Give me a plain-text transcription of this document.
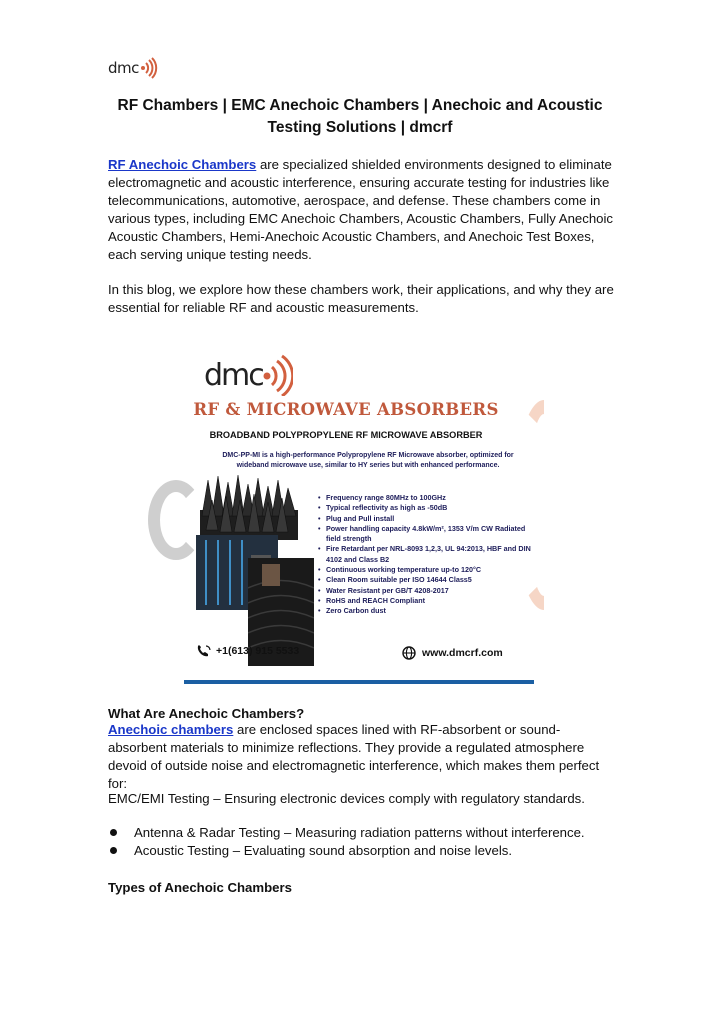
dmc
RF Chambers | EMC Anechoic Chambers | Anechoic and Acoustic Testing Solutions | dmcrf
RF Anechoic Chambers are specialized shielded environments designed to eliminate electromagnetic and acoustic interference, ensuring accurate testing for industries like telecommunications, automotive, aerospace, and defense. These chambers come in various types, including EMC Anechoic Chambers, Acoustic Chambers, Fully Anechoic Acoustic Chambers, Hemi-Anechoic Acoustic Chambers, and Anechoic Test Boxes, each serving unique testing needs.
In this blog, we explore how these chambers work, their applications, and why they are essential for reliable RF and acoustic measurements.
dmc
RF & MICROWAVE ABSORBERS
BROADBAND POLYPROPYLENE RF MICROWAVE ABSORBER
DMC-PP-MI is a high-performance Polypropylene RF Microwave absorber, optimized for wideband microwave use, similar to HY series but with enhanced performance.
• Frequency range 80MHz to 100GHz
• Typical reflectivity as high as -50dB
• Plug and Pull install
• Power handling capacity 4.8kW/m², 1353 V/m CW Radiated field strength
• Fire Retardant per NRL-8093 1,2,3, UL 94:2013, HBF and DIN 4102 and Class B2
• Continuous working temperature up-to 120°C
• Clean Room suitable per ISO 14644 Class5
• Water Resistant per GB/T 4208-2017
• RoHS and REACH Compliant
• Zero Carbon dust
+1(613) 915 5533	www.dmcrf.com
What Are Anechoic Chambers?
Anechoic chambers are enclosed spaces lined with RF-absorbent or sound-absorbent materials to minimize reflections. They provide a regulated atmosphere devoid of outside noise and electromagnetic interference, which makes them perfect for:
EMC/EMI Testing – Ensuring electronic devices comply with regulatory standards.
Antenna & Radar Testing – Measuring radiation patterns without interference.
Acoustic Testing – Evaluating sound absorption and noise levels.
Types of Anechoic Chambers
